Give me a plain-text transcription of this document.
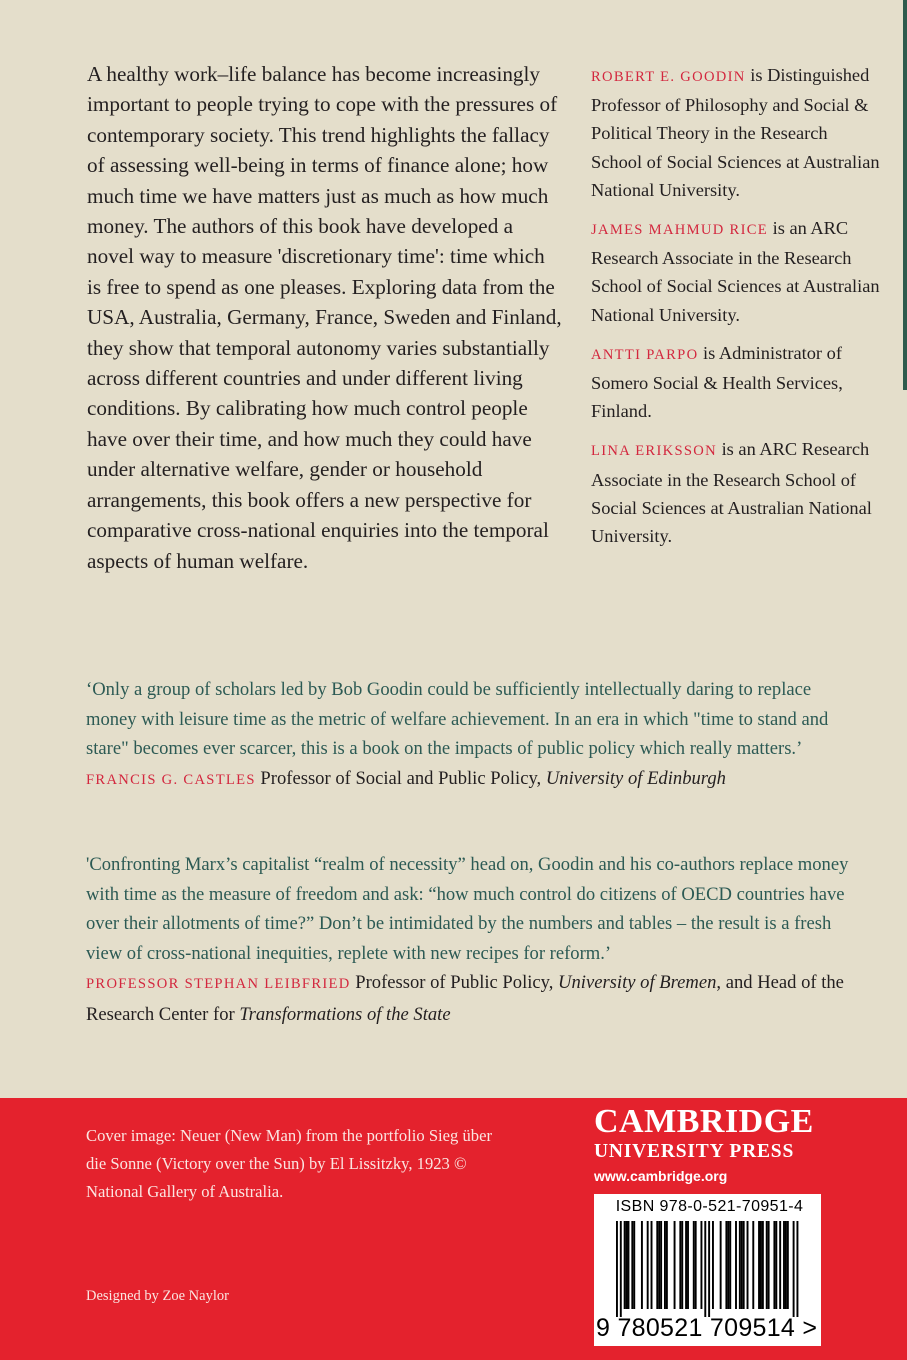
A healthy work–life balance has become increasingly important to people trying to cope with the pressures of contemporary society. This trend highlights the fallacy of assessing well-being in terms of finance alone; how much time we have matters just as much as how much money. The authors of this book have developed a novel way to measure 'discretionary time': time which is free to spend as one pleases. Exploring data from the USA, Australia, Germany, France, Sweden and Finland, they show that temporal autonomy varies substantially across different countries and under different living conditions. By calibrating how much control people have over their time, and how much they could have under alternative welfare, gender or household arrangements, this book offers a new perspective for comparative cross-national enquiries into the temporal aspects of human welfare.

ROBERT E. GOODIN is Distinguished Professor of Philosophy and Social & Political Theory in the Research School of Social Sciences at Australian National University.

JAMES MAHMUD RICE is an ARC Research Associate in the Research School of Social Sciences at Australian National University.

ANTTI PARPO is Administrator of Somero Social & Health Services, Finland.

LINA ERIKSSON is an ARC Research Associate in the Research School of Social Sciences at Australian National University.

‘Only a group of scholars led by Bob Goodin could be sufficiently intellectually daring to replace money with leisure time as the metric of welfare achievement. In an era in which "time to stand and stare" becomes ever scarcer, this is a book on the impacts of public policy which really matters.’
FRANCIS G. CASTLES Professor of Social and Public Policy, University of Edinburgh
'Confronting Marx’s capitalist “realm of necessity” head on, Goodin and his co-authors replace money with time as the measure of freedom and ask: “how much control do citizens of OECD countries have over their allotments of time?” Don’t be intimidated by the numbers and tables – the result is a fresh view of cross-national inequities, replete with new recipes for reform.’
PROFESSOR STEPHAN LEIBFRIED Professor of Public Policy, University of Bremen, and Head of the Research Center for Transformations of the State
Cover image: Neuer (New Man) from the portfolio Sieg über die Sonne (Victory over the Sun) by El Lissitzky, 1923 © National Gallery of Australia.
Designed by Zoe Naylor
CAMBRIDGE
UNIVERSITY PRESS
www.cambridge.org
ISBN 978-0-521-70951-4
9 780521 709514 >
